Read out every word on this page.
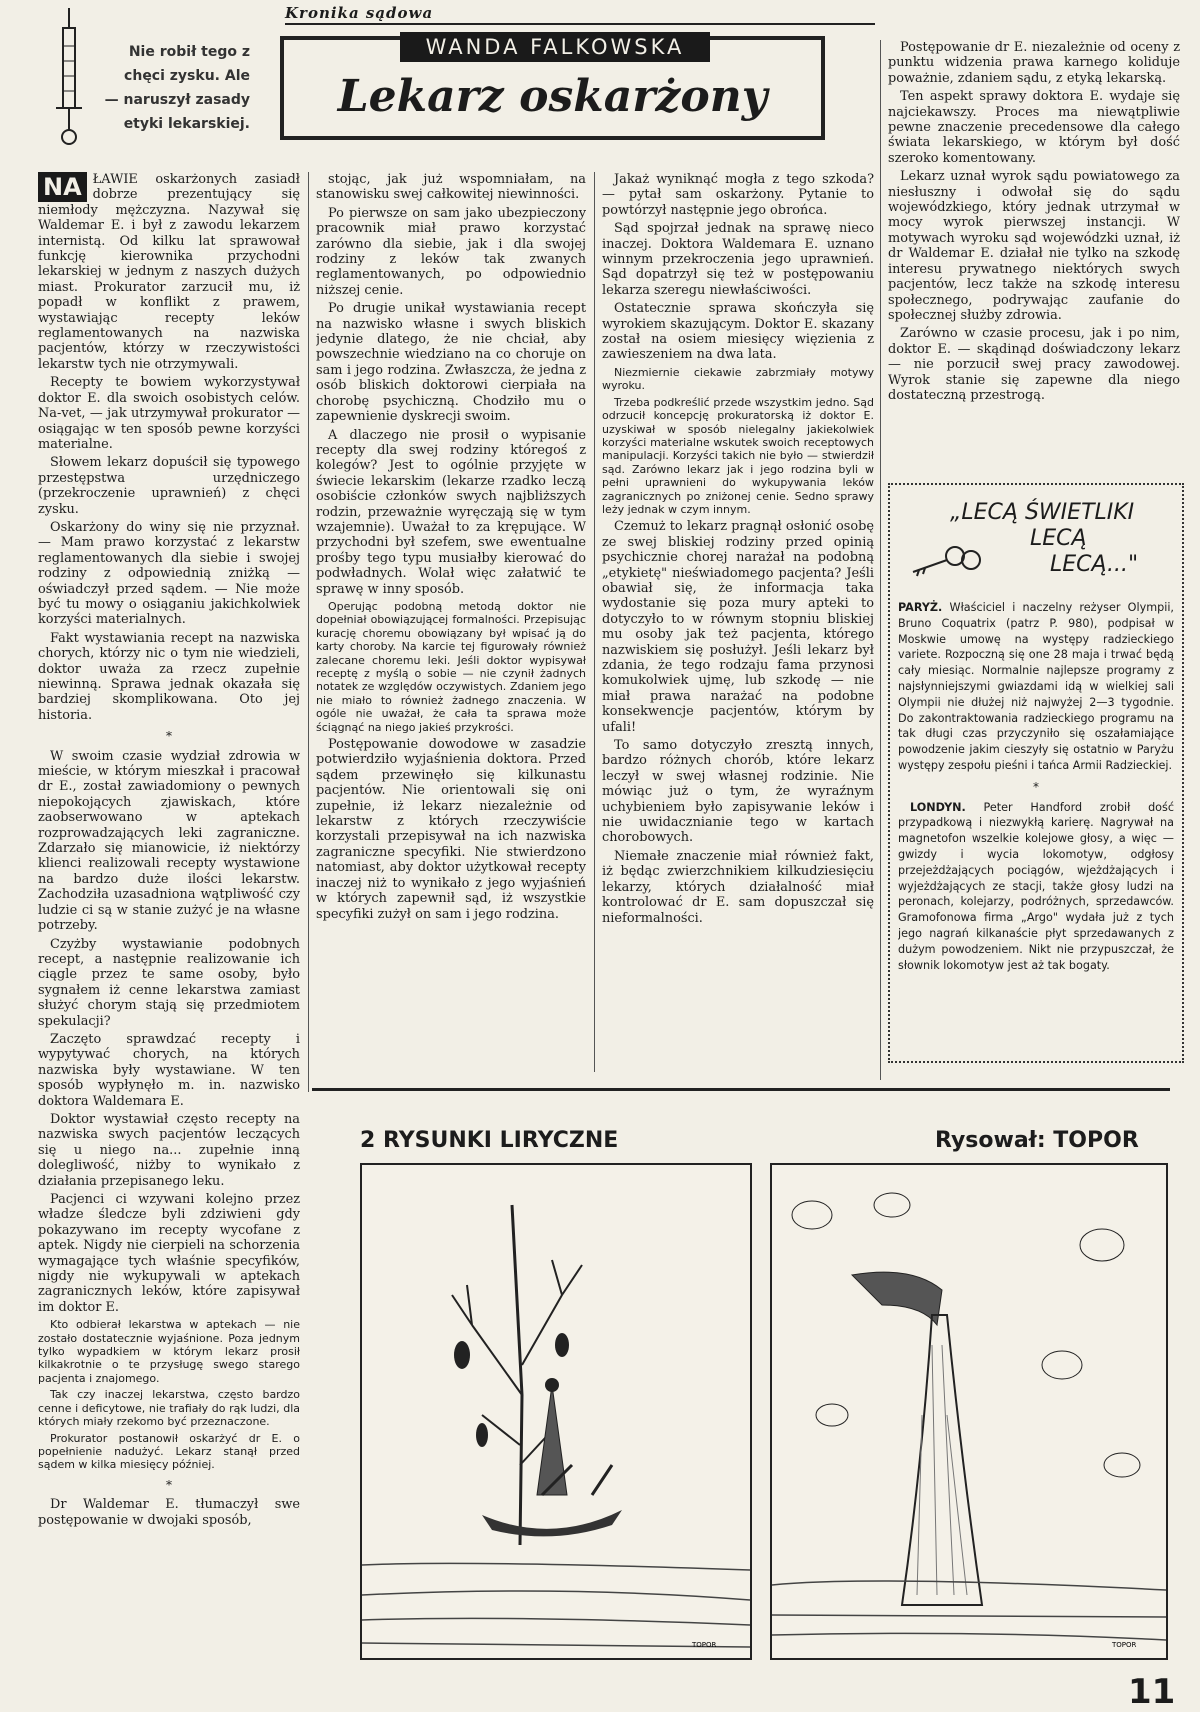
Kronika sądowa
Nie robił tego z
chęci zysku. Ale
— naruszył zasady
etyki lekarskiej.
WANDA FALKOWSKA
Lekarz oskarżony

NA ŁAWIE oskarżonych zasiadł dobrze prezentujący się niemłody mężczyzna. Nazywał się Waldemar E. i był z zawodu lekarzem internistą. Od kilku lat sprawował funkcję kierownika przychodni lekarskiej w jednym z naszych dużych miast. Prokurator zarzucił mu, iż popadł w konflikt z prawem, wystawiając recepty leków reglamentowanych na nazwiska pacjentów, którzy w rzeczywistości lekarstw tych nie otrzymywali.

Recepty te bowiem wykorzystywał doktor E. dla swoich osobistych celów. Na-vet, — jak utrzymywał prokurator — osiągając w ten sposób pewne korzyści materialne.

Słowem lekarz dopuścił się typowego przestępstwa urzędniczego (przekroczenie uprawnień) z chęci zysku.

Oskarżony do winy się nie przyznał. — Mam prawo korzystać z lekarstw reglamentowanych dla siebie i swojej rodziny z odpowiednią zniżką — oświadczył przed sądem. — Nie może być tu mowy o osiąganiu jakichkolwiek korzyści materialnych.

Fakt wystawiania recept na nazwiska chorych, którzy nic o tym nie wiedzieli, doktor uważa za rzecz zupełnie niewinną. Sprawa jednak okazała się bardziej skomplikowana. Oto jej historia.

*

W swoim czasie wydział zdrowia w mieście, w którym mieszkał i pracował dr E., został zawiadomiony o pewnych niepokojących zjawiskach, które zaobserwowano w aptekach rozprowadzających leki zagraniczne. Zdarzało się mianowicie, iż niektórzy klienci realizowali recepty wystawione na bardzo duże ilości lekarstw. Zachodziła uzasadniona wątpliwość czy ludzie ci są w stanie zużyć je na własne potrzeby.

Czyżby wystawianie podobnych recept, a następnie realizowanie ich ciągle przez te same osoby, było sygnałem iż cenne lekarstwa zamiast służyć chorym stają się przedmiotem spekulacji?

Zaczęto sprawdzać recepty i wypytywać chorych, na których nazwiska były wystawiane. W ten sposób wypłynęło m. in. nazwisko doktora Waldemara E.

Doktor wystawiał często recepty na nazwiska swych pacjentów leczących się u niego na... zupełnie inną dolegliwość, niżby to wynikało z działania przepisanego leku.

Pacjenci ci wzywani kolejno przez władze śledcze byli zdziwieni gdy pokazywano im recepty wycofane z aptek. Nigdy nie cierpieli na schorzenia wymagające tych właśnie specyfików, nigdy nie wykupywali w aptekach zagranicznych leków, które zapisywał im doktor E.

Kto odbierał lekarstwa w aptekach — nie zostało dostatecznie wyjaśnione. Poza jednym tylko wypadkiem w którym lekarz prosił kilkakrotnie o te przysługę swego starego pacjenta i znajomego.

Tak czy inaczej lekarstwa, często bardzo cenne i deficytowe, nie trafiały do rąk ludzi, dla których miały rzekomo być przeznaczone.

Prokurator postanowił oskarżyć dr E. o popełnienie nadużyć. Lekarz stanął przed sądem w kilka miesięcy później.

*

Dr Waldemar E. tłumaczył swe postępowanie w dwojaki sposób,

stojąc, jak już wspomniałam, na stanowisku swej całkowitej niewinności.

Po pierwsze on sam jako ubezpieczony pracownik miał prawo korzystać zarówno dla siebie, jak i dla swojej rodziny z leków tak zwanych reglamentowanych, po odpowiednio niższej cenie.

Po drugie unikał wystawiania recept na nazwisko własne i swych bliskich jedynie dlatego, że nie chciał, aby powszechnie wiedziano na co choruje on sam i jego rodzina. Zwłaszcza, że jedna z osób bliskich doktorowi cierpiała na chorobę psychiczną. Chodziło mu o zapewnienie dyskrecji swoim.

A dlaczego nie prosił o wypisanie recepty dla swej rodziny któregoś z kolegów? Jest to ogólnie przyjęte w świecie lekarskim (lekarze rzadko leczą osobiście członków swych najbliższych rodzin, przeważnie wyręczają się w tym wzajemnie). Uważał to za krępujące. W przychodni był szefem, swe ewentualne prośby tego typu musiałby kierować do podwładnych. Wolał więc załatwić te sprawę w inny sposób.

Operując podobną metodą doktor nie dopełniał obowiązującej formalności. Przepisując kurację choremu obowiązany był wpisać ją do karty choroby. Na karcie tej figurowały również zalecane choremu leki. Jeśli doktor wypisywał receptę z myślą o sobie — nie czynił żadnych notatek ze względów oczywistych. Zdaniem jego nie miało to również żadnego znaczenia. W ogóle nie uważał, że cała ta sprawa może ściągnąć na niego jakieś przykrości.

Postępowanie dowodowe w zasadzie potwierdziło wyjaśnienia doktora. Przed sądem przewinęło się kilkunastu pacjentów. Nie orientowali się oni zupełnie, iż lekarz niezależnie od lekarstw z których rzeczywiście korzystali przepisywał na ich nazwiska zagraniczne specyfiki. Nie stwierdzono natomiast, aby doktor użytkował recepty inaczej niż to wynikało z jego wyjaśnień w których zapewnił sąd, iż wszystkie specyfiki zużył on sam i jego rodzina.

Jakaż wyniknąć mogła z tego szkoda? — pytał sam oskarżony. Pytanie to powtórzył następnie jego obrońca.

Sąd spojrzał jednak na sprawę nieco inaczej. Doktora Waldemara E. uznano winnym przekroczenia jego uprawnień. Sąd dopatrzył się też w postępowaniu lekarza szeregu niewłaściwości.

Ostatecznie sprawa skończyła się wyrokiem skazującym. Doktor E. skazany został na osiem miesięcy więzienia z zawieszeniem na dwa lata.

Niezmiernie ciekawie zabrzmiały motywy wyroku.

Trzeba podkreślić przede wszystkim jedno. Sąd odrzucił koncepcję prokuratorską iż doktor E. uzyskiwał w sposób nielegalny jakiekolwiek korzyści materialne wskutek swoich receptowych manipulacji. Korzyści takich nie było — stwierdził sąd. Zarówno lekarz jak i jego rodzina byli w pełni uprawnieni do wykupywania leków zagranicznych po zniżonej cenie. Sedno sprawy leży jednak w czym innym.

Czemuż to lekarz pragnął osłonić osobę ze swej bliskiej rodziny przed opinią psychicznie chorej narażał na podobną „etykietę" nieświadomego pacjenta? Jeśli obawiał się, że informacja taka wydostanie się poza mury apteki to dotyczyło to w równym stopniu bliskiej mu osoby jak też pacjenta, którego nazwiskiem się posłużył. Jeśli lekarz był zdania, że tego rodzaju fama przynosi komukolwiek ujmę, lub szkodę — nie miał prawa narażać na podobne konsekwencje pacjentów, którym by ufali!

To samo dotyczyło zresztą innych, bardzo różnych chorób, które lekarz leczył w swej własnej rodzinie. Nie mówiąc już o tym, że wyraźnym uchybieniem było zapisywanie leków i nie uwidacznianie tego w kartach chorobowych.

Niemałe znaczenie miał również fakt, iż będąc zwierzchnikiem kilkudziesięciu lekarzy, których działalność miał kontrolować dr E. sam dopuszczał się nieformalności.

Postępowanie dr E. niezależnie od oceny z punktu widzenia prawa karnego koliduje poważnie, zdaniem sądu, z etyką lekarską.

Ten aspekt sprawy doktora E. wydaje się najciekawszy. Proces ma niewątpliwie pewne znaczenie precedensowe dla całego świata lekarskiego, w którym był dość szeroko komentowany.

Lekarz uznał wyrok sądu powiatowego za niesłuszny i odwołał się do sądu wojewódzkiego, który jednak utrzymał w mocy wyrok pierwszej instancji. W motywach wyroku sąd wojewódzki uznał, iż dr Waldemar E. działał nie tylko na szkodę interesu prywatnego niektórych swych pacjentów, lecz także na szkodę interesu społecznego, podrywając zaufanie do społecznej służby zdrowia.

Zarówno w czasie procesu, jak i po nim, doktor E. — skądinąd doświadczony lekarz — nie porzucił swej pracy zawodowej. Wyrok stanie się zapewne dla niego dostateczną przestrogą.

„LECĄ ŚWIETLIKI
LECĄ
LECĄ..."

PARYŻ. Właściciel i naczelny reżyser Olympii, Bruno Coquatrix (patrz P. 980), podpisał w Moskwie umowę na występy radzieckiego variete. Rozpoczną się one 28 maja i trwać będą cały miesiąc. Normalnie najlepsze programy z najsłynniejszymi gwiazdami idą w wielkiej sali Olympii nie dłużej niż najwyżej 2—3 tygodnie. Do zakontraktowania radzieckiego programu na tak długi czas przyczyniło się oszałamiające powodzenie jakim cieszyły się ostatnio w Paryżu występy zespołu pieśni i tańca Armii Radzieckiej.

*

LONDYN. Peter Handford zrobił dość przypadkową i niezwykłą karierę. Nagrywał na magnetofon wszelkie kolejowe głosy, a więc — gwizdy i wycia lokomotyw, odgłosy przejeżdżających pociągów, wjeżdżających i wyjeżdżających ze stacji, także głosy ludzi na peronach, kolejarzy, podróżnych, sprzedawców. Gramofonowa firma „Argo" wydała już z tych jego nagrań kilkanaście płyt sprzedawanych z dużym powodzeniem. Nikt nie przypuszczał, że słownik lokomotyw jest aż tak bogaty.

2 RYSUNKI LIRYCZNE	Rysował: TOPOR
TOPOR	TOPOR
11
